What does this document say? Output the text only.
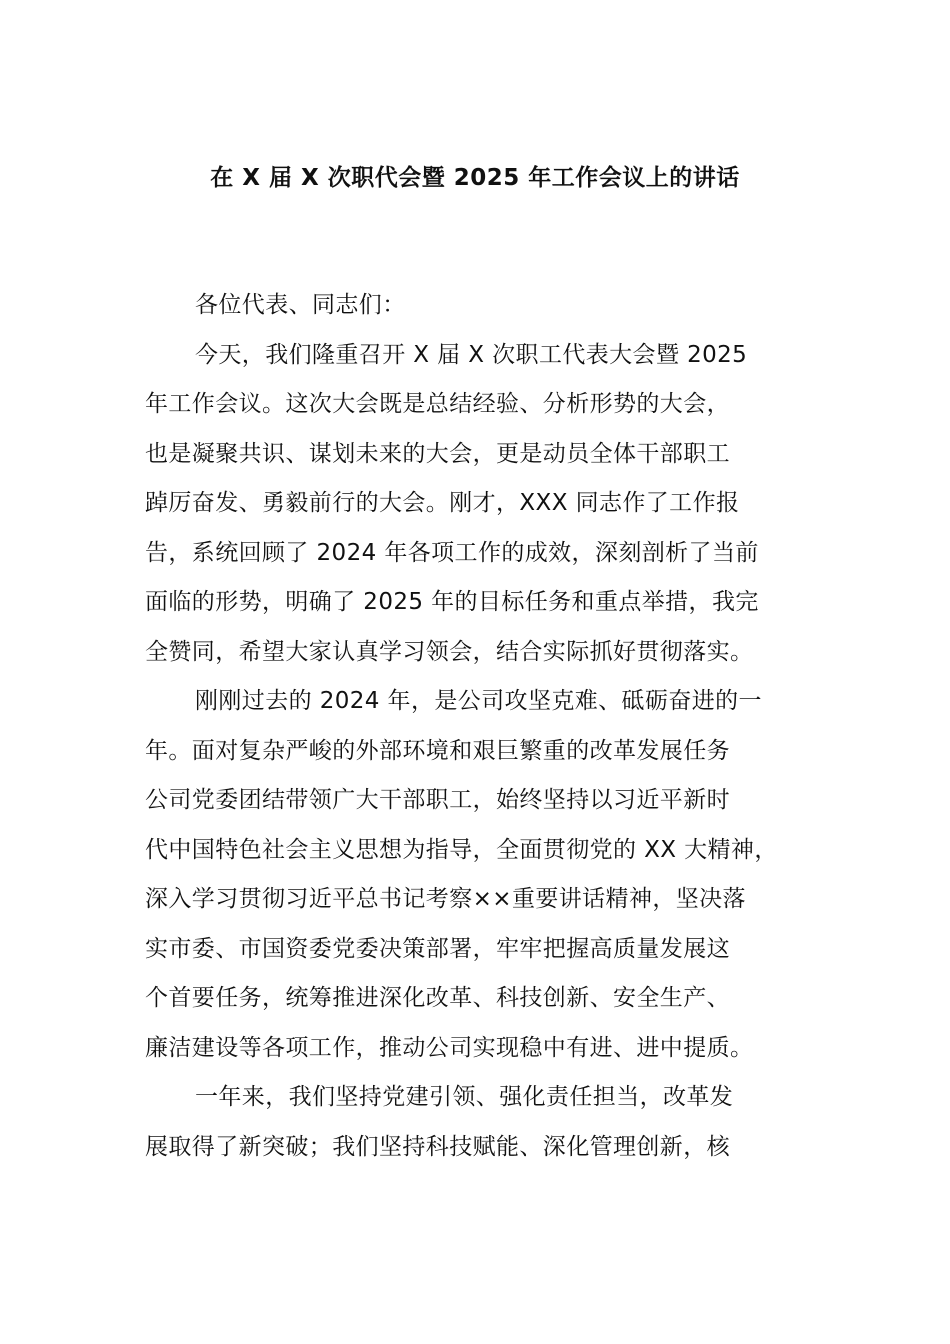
在 X 届 X 次职代会暨 2025 年工作会议上的讲话
各位代表、同志们：
今天，我们隆重召开 X 届 X 次职工代表大会暨 2025
年工作会议。这次大会既是总结经验、分析形势的大会，
也是凝聚共识、谋划未来的大会，更是动员全体干部职工
踔厉奋发、勇毅前行的大会。刚才，XXX 同志作了工作报
告，系统回顾了 2024 年各项工作的成效，深刻剖析了当前
面临的形势，明确了 2025 年的目标任务和重点举措，我完
全赞同，希望大家认真学习领会，结合实际抓好贯彻落实。
刚刚过去的 2024 年，是公司攻坚克难、砥砺奋进的一
年。面对复杂严峻的外部环境和艰巨繁重的改革发展任务
公司党委团结带领广大干部职工，始终坚持以习近平新时
代中国特色社会主义思想为指导，全面贯彻党的 XX 大精神，
深入学习贯彻习近平总书记考察××重要讲话精神，坚决落
实市委、市国资委党委决策部署，牢牢把握高质量发展这
个首要任务，统筹推进深化改革、科技创新、安全生产、
廉洁建设等各项工作，推动公司实现稳中有进、进中提质。
一年来，我们坚持党建引领、强化责任担当，改革发
展取得了新突破；我们坚持科技赋能、深化管理创新，核
